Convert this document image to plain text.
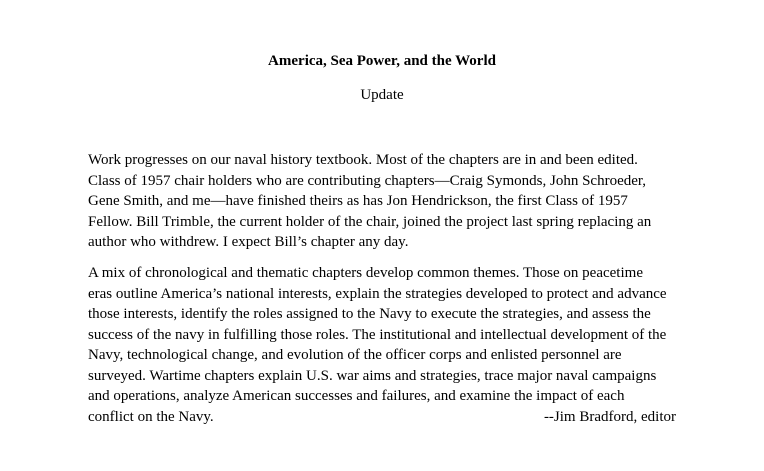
America, Sea Power, and the World
Update
Work progresses on our naval history textbook. Most of the chapters are in and been edited.
Class of 1957 chair holders who are contributing chapters—Craig Symonds, John Schroeder,
Gene Smith, and me—have finished theirs as has Jon Hendrickson, the first Class of 1957
Fellow. Bill Trimble, the current holder of the chair, joined the project last spring replacing an
author who withdrew. I expect Bill’s chapter any day.
A mix of chronological and thematic chapters develop common themes. Those on peacetime
eras outline America’s national interests, explain the strategies developed to protect and advance
those interests, identify the roles assigned to the Navy to execute the strategies, and assess the
success of the navy in fulfilling those roles. The institutional and intellectual development of the
Navy, technological change, and evolution of the officer corps and enlisted personnel are
surveyed. Wartime chapters explain U.S. war aims and strategies, trace major naval campaigns
and operations, analyze American successes and failures, and examine the impact of each
conflict on the Navy.	--Jim Bradford, editor
